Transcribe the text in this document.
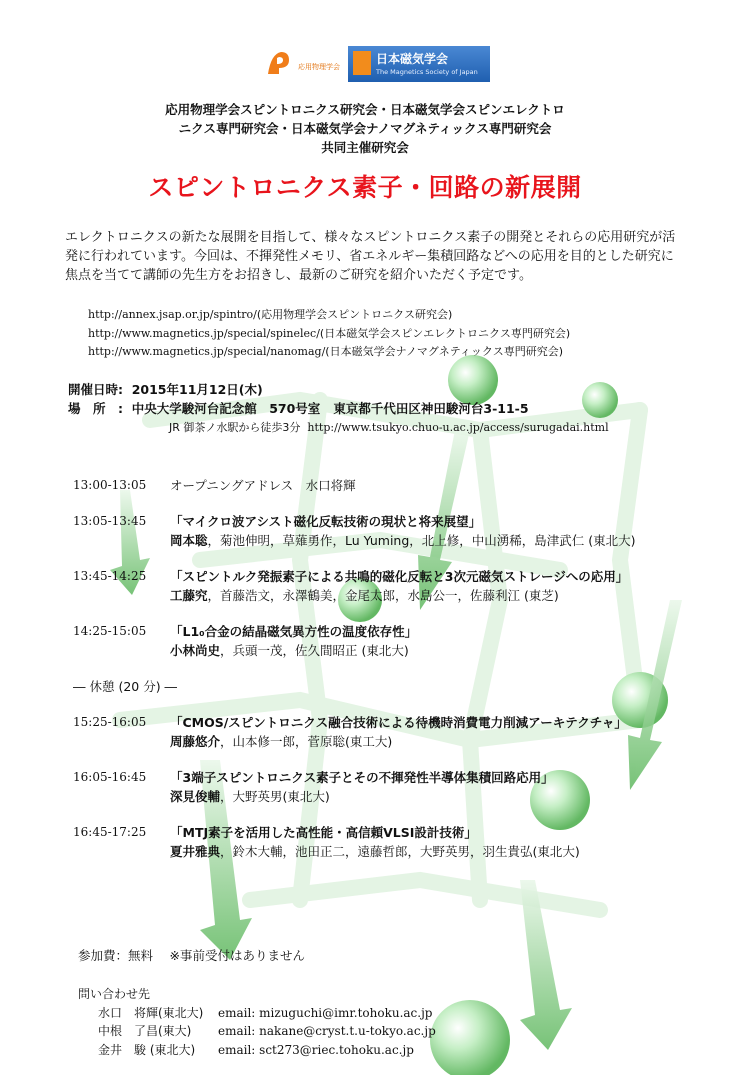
応用物理学会
日本磁気学会
The Magnetics Society of Japan
応用物理学会スピントロニクス研究会・日本磁気学会スピンエレクトロ
ニクス専門研究会・日本磁気学会ナノマグネティックス専門研究会
共同主催研究会
スピントロニクス素子・回路の新展開
エレクトロニクスの新たな展開を目指して、様々なスピントロニクス素子の開発とそれらの応用研究が活発に行われています。今回は、不揮発性メモリ、省エネルギー集積回路などへの応用を目的とした研究に焦点を当てて講師の先生方をお招きし、最新のご研究を紹介いただく予定です。
http://annex.jsap.or.jp/spintro/(応用物理学会スピントロニクス研究会)
http://www.magnetics.jp/special/spinelec/(日本磁気学会スピンエレクトロニクス専門研究会)
http://www.magnetics.jp/special/nanomag/(日本磁気学会ナノマグネティックス専門研究会)
開催日時: 2015年11月12日(木)
場　所　: 中央大学駿河台記念館　570号室 東京都千代田区神田駿河台3-11-5
JR 御茶ノ水駅から徒歩3分 http://www.tsukyo.chuo-u.ac.jp/access/surugadai.html
13:00-13:05	オープニングアドレス　水口将輝
13:05-13:45	「マイクロ波アシスト磁化反転技術の現状と将来展望」
岡本聡，菊池伸明，草薙勇作，Lu Yuming，北上修，中山湧稀，島津武仁 (東北大)
13:45-14:25	「スピントルク発振素子による共鳴的磁化反転と3次元磁気ストレージへの応用」
工藤究，首藤浩文，永澤鶴美，金尾太郎，水島公一，佐藤利江 (東芝)
14:25-15:05	「L1₀合金の結晶磁気異方性の温度依存性」
小林尚史，兵頭一茂，佐久間昭正 (東北大)
― 休憩 (20 分) ―
15:25-16:05	「CMOS/スピントロニクス融合技術による待機時消費電力削減アーキテクチャ」
周藤悠介，山本修一郎，菅原聡(東工大)
16:05-16:45	「3端子スピントロニクス素子とその不揮発性半導体集積回路応用」
深見俊輔，大野英男(東北大)
16:45-17:25	「MTJ素子を活用した高性能・高信頼VLSI設計技術」
夏井雅典，鈴木大輔，池田正二，遠藤哲郎，大野英男，羽生貴弘(東北大)
参加費：無料　 ※事前受付はありません
問い合わせ先
水口　将輝(東北大) email: mizuguchi@imr.tohoku.ac.jp
中根　了昌(東大) email: nakane@cryst.t.u-tokyo.ac.jp
金井　駿 (東北大) email: sct273@riec.tohoku.ac.jp
